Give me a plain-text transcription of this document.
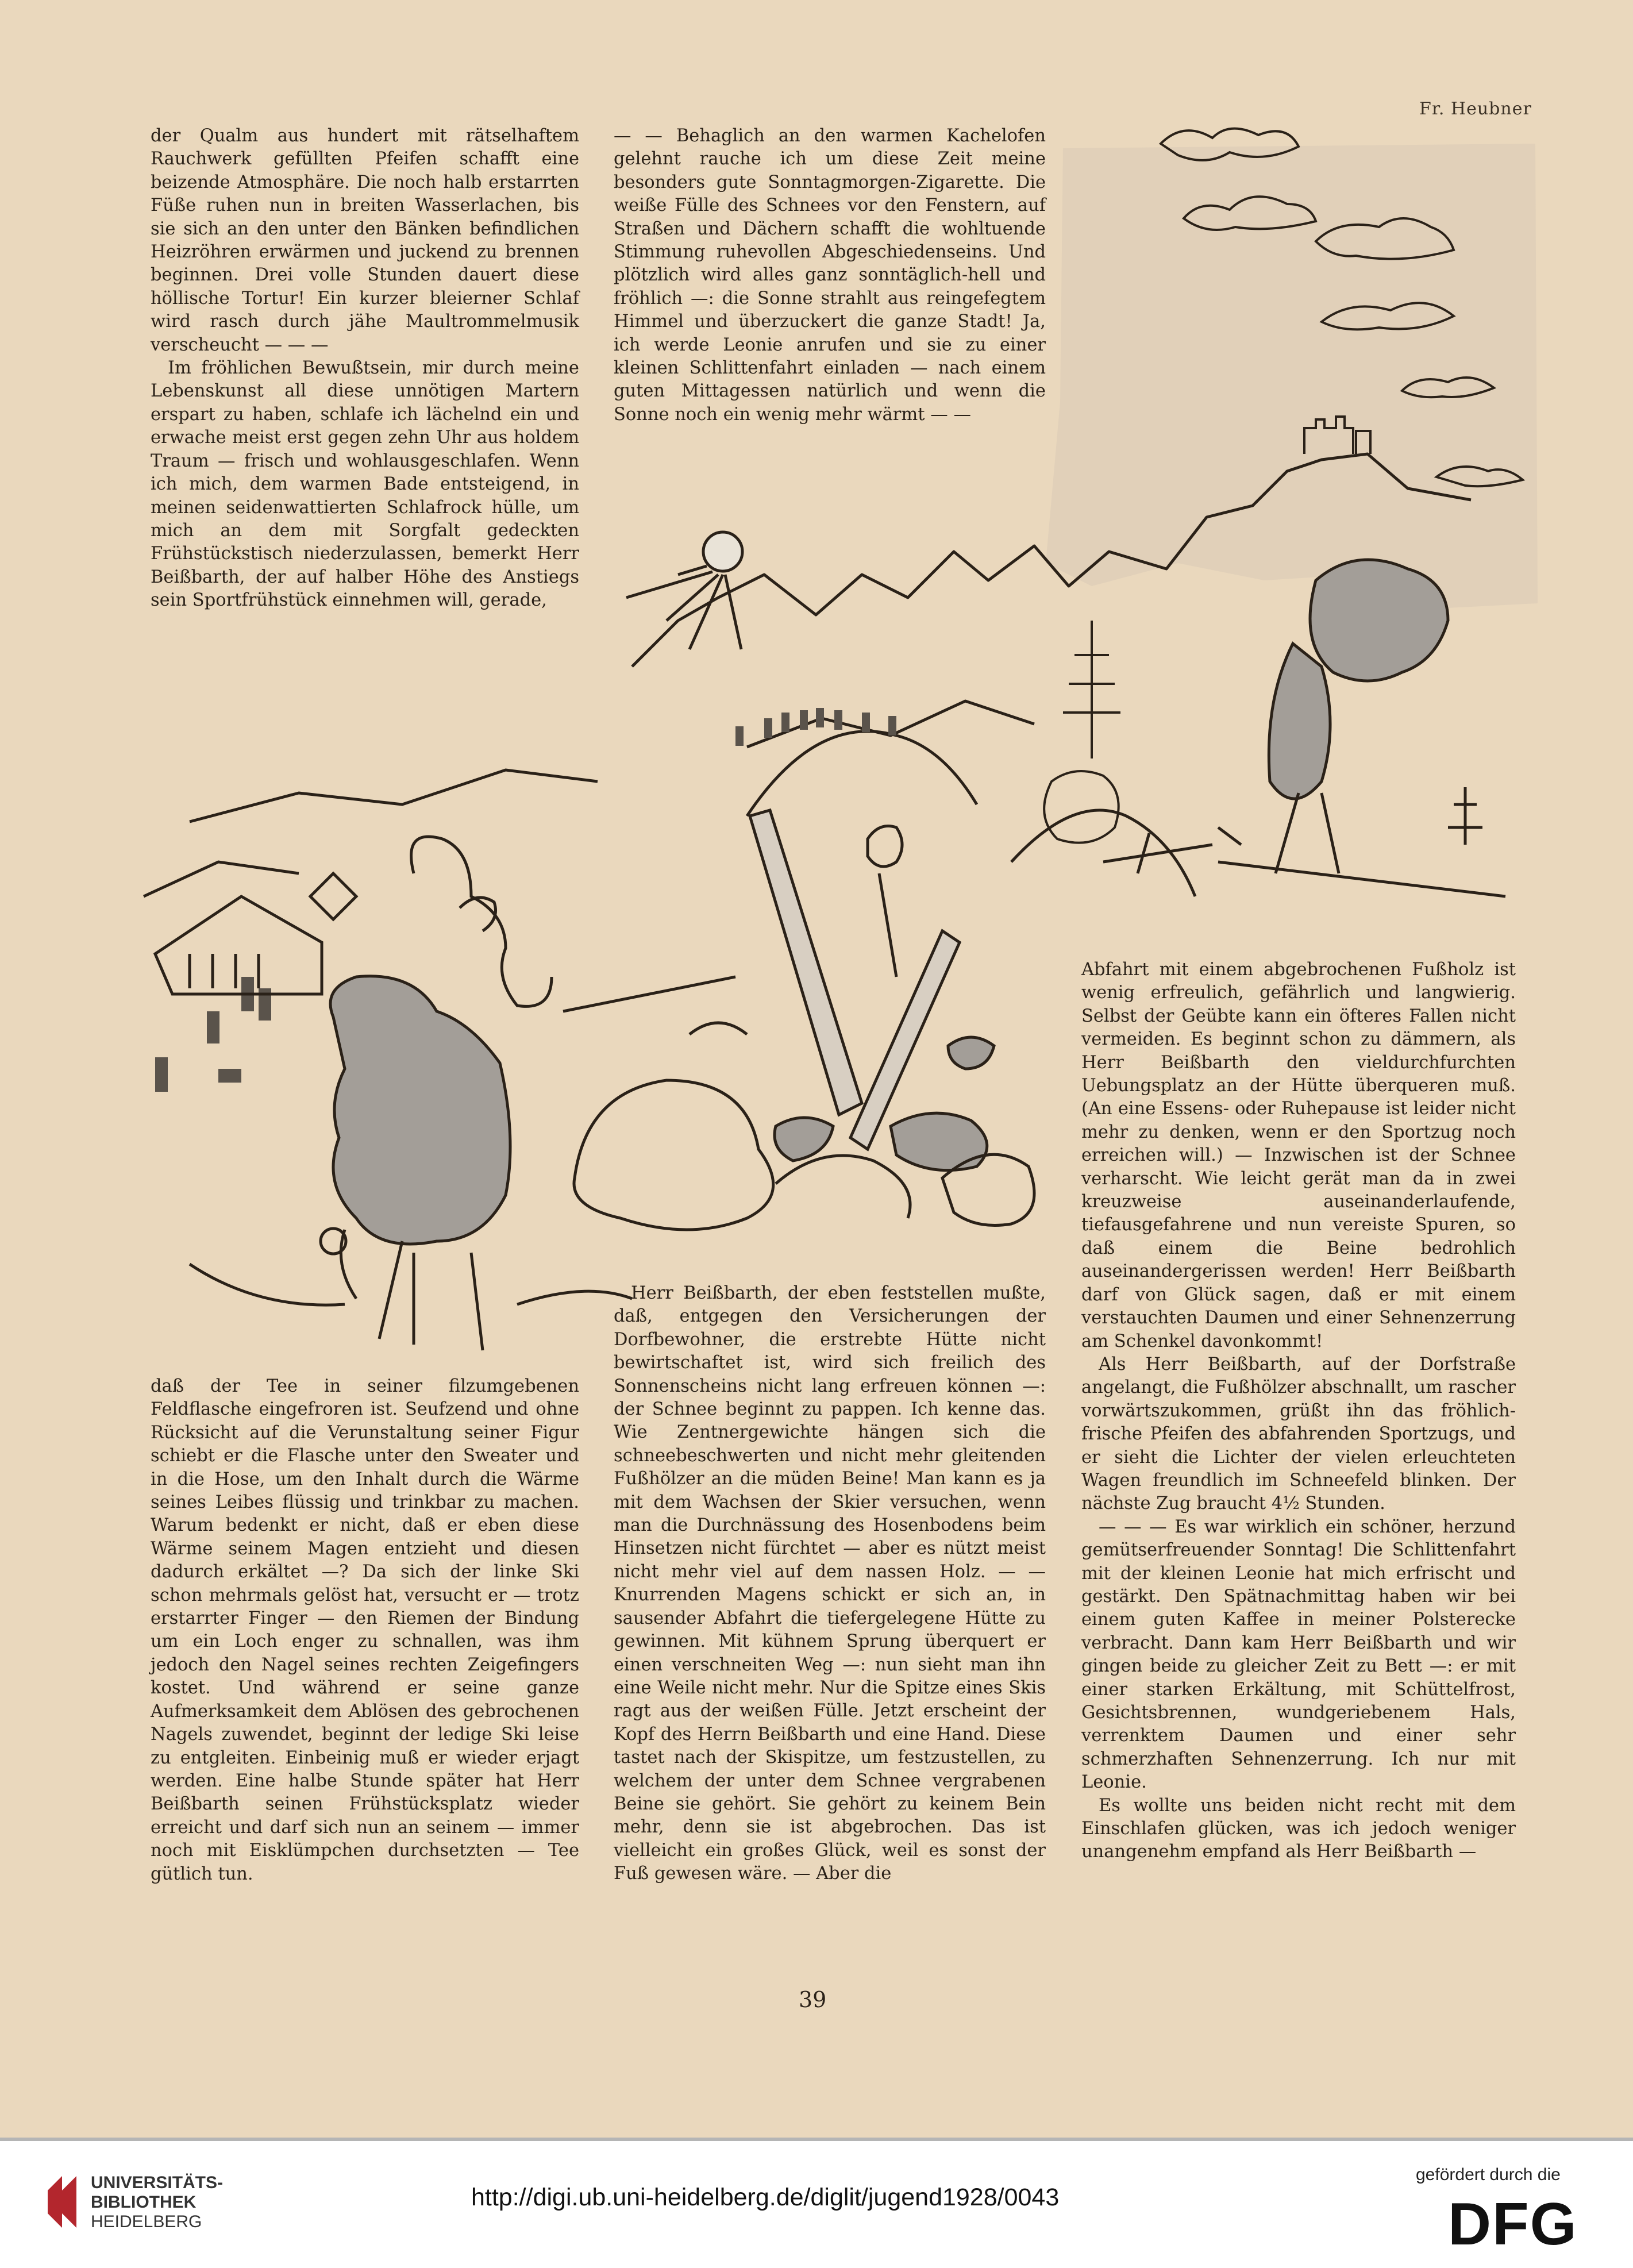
Fr. Heubner

der Qualm aus hundert mit rätselhaftem Rauchwerk gefüllten Pfeifen schafft eine beizende Atmosphäre. Die noch halb erstarrten Füße ruhen nun in breiten Wasserlachen, bis sie sich an den unter den Bänken befindlichen Heizröhren erwärmen und juckend zu brennen beginnen. Drei volle Stunden dauert diese höllische Tortur! Ein kurzer bleierner Schlaf wird rasch durch jähe Maultrommelmusik verscheucht — — —

Im fröhlichen Bewußtsein, mir durch meine Lebenskunst all diese unnötigen Martern erspart zu haben, schlafe ich lächelnd ein und erwache meist erst gegen zehn Uhr aus holdem Traum — frisch und wohlausgeschlafen. Wenn ich mich, dem warmen Bade entsteigend, in meinen seidenwattierten Schlafrock hülle, um mich an dem mit Sorgfalt gedeckten Frühstückstisch niederzulassen, bemerkt Herr Beißbarth, der auf halber Höhe des Anstiegs sein Sportfrühstück einnehmen will, gerade,

— — Behaglich an den warmen Kachelofen gelehnt rauche ich um diese Zeit meine besonders gute Sonntagmorgen-Zigarette. Die weiße Fülle des Schnees vor den Fenstern, auf Straßen und Dächern schafft die wohltuende Stimmung ruhevollen Abgeschiedenseins. Und plötzlich wird alles ganz sonntäglich-hell und fröhlich —: die Sonne strahlt aus reingefegtem Himmel und überzuckert die ganze Stadt! Ja, ich werde Leonie anrufen und sie zu einer kleinen Schlittenfahrt einladen — nach einem guten Mittagessen natürlich und wenn die Sonne noch ein wenig mehr wärmt — —

daß der Tee in seiner filzumgebenen Feldflasche eingefroren ist. Seufzend und ohne Rücksicht auf die Verunstaltung seiner Figur schiebt er die Flasche unter den Sweater und in die Hose, um den Inhalt durch die Wärme seines Leibes flüssig und trinkbar zu machen. Warum bedenkt er nicht, daß er eben diese Wärme seinem Magen entzieht und diesen dadurch erkältet —? Da sich der linke Ski schon mehrmals gelöst hat, versucht er — trotz erstarrter Finger — den Riemen der Bindung um ein Loch enger zu schnallen, was ihm jedoch den Nagel seines rechten Zeigefingers kostet. Und während er seine ganze Aufmerksamkeit dem Ablösen des gebrochenen Nagels zuwendet, beginnt der ledige Ski leise zu entgleiten. Einbeinig muß er wieder erjagt werden. Eine halbe Stunde später hat Herr Beißbarth seinen Frühstücksplatz wieder erreicht und darf sich nun an seinem — immer noch mit Eisklümpchen durchsetzten — Tee gütlich tun.

Herr Beißbarth, der eben feststellen mußte, daß, entgegen den Versicherungen der Dorfbewohner, die erstrebte Hütte nicht bewirtschaftet ist, wird sich freilich des Sonnenscheins nicht lang erfreuen können —: der Schnee beginnt zu pappen. Ich kenne das. Wie Zentnergewichte hängen sich die schneebeschwerten und nicht mehr gleitenden Fußhölzer an die müden Beine! Man kann es ja mit dem Wachsen der Skier versuchen, wenn man die Durchnässung des Hosenbodens beim Hinsetzen nicht fürchtet — aber es nützt meist nicht mehr viel auf dem nassen Holz. — — Knurrenden Magens schickt er sich an, in sausender Abfahrt die tiefergelegene Hütte zu gewinnen. Mit kühnem Sprung überquert er einen verschneiten Weg —: nun sieht man ihn eine Weile nicht mehr. Nur die Spitze eines Skis ragt aus der weißen Fülle. Jetzt erscheint der Kopf des Herrn Beißbarth und eine Hand. Diese tastet nach der Skispitze, um festzustellen, zu welchem der unter dem Schnee vergrabenen Beine sie gehört. Sie gehört zu keinem Bein mehr, denn sie ist abgebrochen. Das ist vielleicht ein großes Glück, weil es sonst der Fuß gewesen wäre. — Aber die

Abfahrt mit einem abgebrochenen Fußholz ist wenig erfreulich, gefährlich und langwierig. Selbst der Geübte kann ein öfteres Fallen nicht vermeiden. Es beginnt schon zu dämmern, als Herr Beißbarth den vieldurchfurchten Uebungsplatz an der Hütte überqueren muß. (An eine Essens- oder Ruhepause ist leider nicht mehr zu denken, wenn er den Sportzug noch erreichen will.) — Inzwischen ist der Schnee verharscht. Wie leicht gerät man da in zwei kreuzweise auseinanderlaufende, tiefausgefahrene und nun vereiste Spuren, so daß einem die Beine bedrohlich auseinandergerissen werden! Herr Beißbarth darf von Glück sagen, daß er mit einem verstauchten Daumen und einer Sehnenzerrung am Schenkel davonkommt!

Als Herr Beißbarth, auf der Dorfstraße angelangt, die Fußhölzer abschnallt, um rascher vorwärtszukommen, grüßt ihn das fröhlich-frische Pfeifen des abfahrenden Sportzugs, und er sieht die Lichter der vielen erleuchteten Wagen freundlich im Schneefeld blinken. Der nächste Zug braucht 4½ Stunden.

— — — Es war wirklich ein schöner, herzund gemütserfreuender Sonntag! Die Schlittenfahrt mit der kleinen Leonie hat mich erfrischt und gestärkt. Den Spätnachmittag haben wir bei einem guten Kaffee in meiner Polsterecke verbracht. Dann kam Herr Beißbarth und wir gingen beide zu gleicher Zeit zu Bett —: er mit einer starken Erkältung, mit Schüttelfrost, Gesichtsbrennen, wundgeriebenem Hals, verrenktem Daumen und einer sehr schmerzhaften Sehnenzerrung. Ich nur mit Leonie.

Es wollte uns beiden nicht recht mit dem Einschlafen glücken, was ich jedoch weniger unangenehm empfand als Herr Beißbarth —

39
UNIVERSITÄTS-
BIBLIOTHEK
HEIDELBERG
http://digi.ub.uni-heidelberg.de/diglit/jugend1928/0043
gefördert durch die
DFG
